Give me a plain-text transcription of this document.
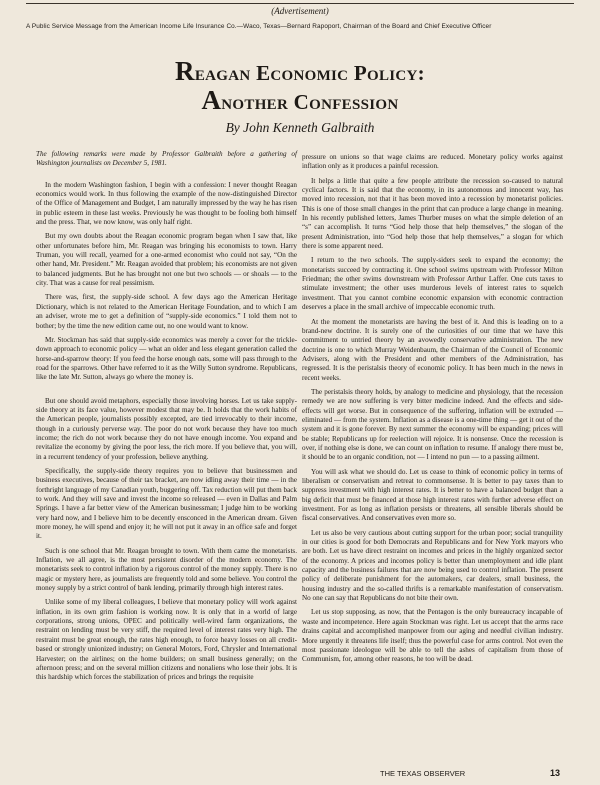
(Advertisement)
A Public Service Message from the American Income Life Insurance Co.—Waco, Texas—Bernard Rapoport, Chairman of the Board and Chief Executive Officer
Reagan Economic Policy:
Another Confession
By John Kenneth Galbraith

The following remarks were made by Professor Galbraith before a gathering of Washington journalists on December 5, 1981.

In the modern Washington fashion, I begin with a confession: I never thought Reagan economics would work. In thus following the example of the now-distinguished Director of the Office of Management and Budget, I am naturally impressed by the way he has risen in public esteem in these last weeks. Previously he was thought to be fooling both himself and the press. That, we now know, was only half right.

But my own doubts about the Reagan economic program began when I saw that, like other unfortunates before him, Mr. Reagan was bringing his economists to town. Harry Truman, you will recall, yearned for a one-armed economist who could not say, “On the other hand, Mr. President.” Mr. Reagan avoided that problem; his economists are not given to balanced judgments. But he has brought not one but two schools — or shoals — to the city. That was a cause for real pessimism.

There was, first, the supply-side school. A few days ago the American Heritage Dictionary, which is not related to the American Heritage Foundation, and to which I am an adviser, wrote me to get a definition of “supply-side economics.” I told them not to bother; by the time the new edition came out, no one would want to know.

Mr. Stockman has said that supply-side economics was merely a cover for the trickle-down approach to economic policy — what an older and less elegant generation called the horse-and-sparrow theory: If you feed the horse enough oats, some will pass through to the road for the sparrows. Other have referred to it as the Willy Sutton syndrome. Republicans, like the late Mr. Sutton, always go where the money is.

But one should avoid metaphors, especially those involving horses. Let us take supply-side theory at its face value, however modest that may be. It holds that the work habits of the American people, journalists possibly excepted, are tied irrevocably to their income, though in a curiously perverse way. The poor do not work because they have too much income; the rich do not work because they do not have enough income. You expand and revitalize the economy by giving the poor less, the rich more. If you believe that, you will, in a recurrent tendency of your profession, believe anything.

Specifically, the supply-side theory requires you to believe that businessmen and business executives, because of their tax bracket, are now idling away their time — in the forthright language of my Canadian youth, buggering off. Tax reduction will put them back to work. And they will save and invest the income so released — even in Dallas and Palm Springs. I have a far better view of the American businessman; I judge him to be working very hard now, and I believe him to be decently ensconced in the American dream. Given more money, he will spend and enjoy it; he will not put it away in an office safe and forget it.

Such is one school that Mr. Reagan brought to town. With them came the monetarists. Inflation, we all agree, is the most persistent disorder of the modern economy. The monetarists seek to control inflation by a rigorous control of the money supply. There is no magic or mystery here, as journalists are frequently told and some believe. You control the money supply by a strict control of bank lending, primarily through high interest rates.

Unlike some of my liberal colleagues, I believe that monetary policy will work against inflation, in its own grim fashion is working now. It is only that in a world of large corporations, strong unions, OPEC and politically well-wired farm organizations, the restraint on lending must be very stiff, the required level of interest rates very high. The restraint must be great enough, the rates high enough, to force heavy losses on all credit-based or strongly unionized industry; on General Motors, Ford, Chrysler and International Harvester; on the airlines; on the home builders; on small business generally; on the afternoon press; and on the several million citizens and nonaliens who lose their jobs. It is this hardship which forces the stabilization of prices and brings the requisite

pressure on unions so that wage claims are reduced. Monetary policy works against inflation only as it produces a painful recession.

It helps a little that quite a few people attribute the recession so-caused to natural cyclical factors. It is said that the economy, in its autonomous and innocent way, has moved into recession, not that it has been moved into a recession by monetarist policies. This is one of those small changes in the print that can produce a large change in meaning. In his recently published letters, James Thurber muses on what the simple deletion of an “s” can accomplish. It turns “God help those that help themselves,” the slogan of the present Administration, into “God help those that help themselves,” a slogan for which there is some apparent need.

I return to the two schools. The supply-siders seek to expand the economy; the monetarists succeed by contracting it. One school swims upstream with Professor Milton Friedman; the other swims downstream with Professor Arthur Laffer. One cuts taxes to stimulate investment; the other uses murderous levels of interest rates to squelch investment. That you cannot combine economic expansion with economic contraction deserves a place in the small archive of impeccable economic truth.

At the moment the monetarists are having the best of it. And this is leading on to a brand-new doctrine. It is surely one of the curiosities of our time that we have this commitment to untried theory by an avowedly conservative administration. The new doctrine is one to which Murray Weidenbaum, the Chairman of the Council of Economic Advisers, along with the President and other members of the Administration, has regressed. It is the peristalsis theory of economic policy. It has been much in the news in recent weeks.

The peristalsis theory holds, by analogy to medicine and physiology, that the recession remedy we are now suffering is very bitter medicine indeed. And the effects and side-effects will get worse. But in consequence of the suffering, inflation will be extruded — eliminated — from the system. Inflation as a disease is a one-time thing — get it out of the system and it is gone forever. By next summer the economy will be expanding; prices will be stable; Republicans up for reelection will rejoice. It is nonsense. Once the recession is over, if nothing else is done, we can count on inflation to resume. If analogy there must be, it should be to an organic condition, not — I intend no pun — to a passing ailment.

You will ask what we should do. Let us cease to think of economic policy in terms of liberalism or conservatism and retreat to commonsense. It is better to pay taxes than to suppress investment with high interest rates. It is better to have a balanced budget than a big deficit that must be financed at those high interest rates with further adverse effect on investment. For as long as inflation persists or threatens, all sensible liberals should be fiscal conservatives. And conservatives even more so.

Let us also be very cautious about cutting support for the urban poor; social tranquility in our cities is good for both Democrats and Republicans and for New York mayors who are both. Let us have direct restraint on incomes and prices in the highly organized sector of the economy. A prices and incomes policy is better than unemployment and idle plant capacity and the business failures that are now being used to control inflation. The present policy of deliberate punishment for the automakers, car dealers, small business, the housing industry and the so-called thrifts is a remarkable manifestation of conservatism. No one can say that Republicans do not bite their own.

Let us stop supposing, as now, that the Pentagon is the only bureaucracy incapable of waste and incompetence. Here again Stockman was right. Let us accept that the arms race drains capital and accomplished manpower from our aging and needful civilian industry. More urgently it threatens life itself; thus the powerful case for arms control. Not even the most passionate ideologue will be able to tell the ashes of capitalism from those of Communism, for, among other reasons, he too will be dead.

THE TEXAS OBSERVER	13
